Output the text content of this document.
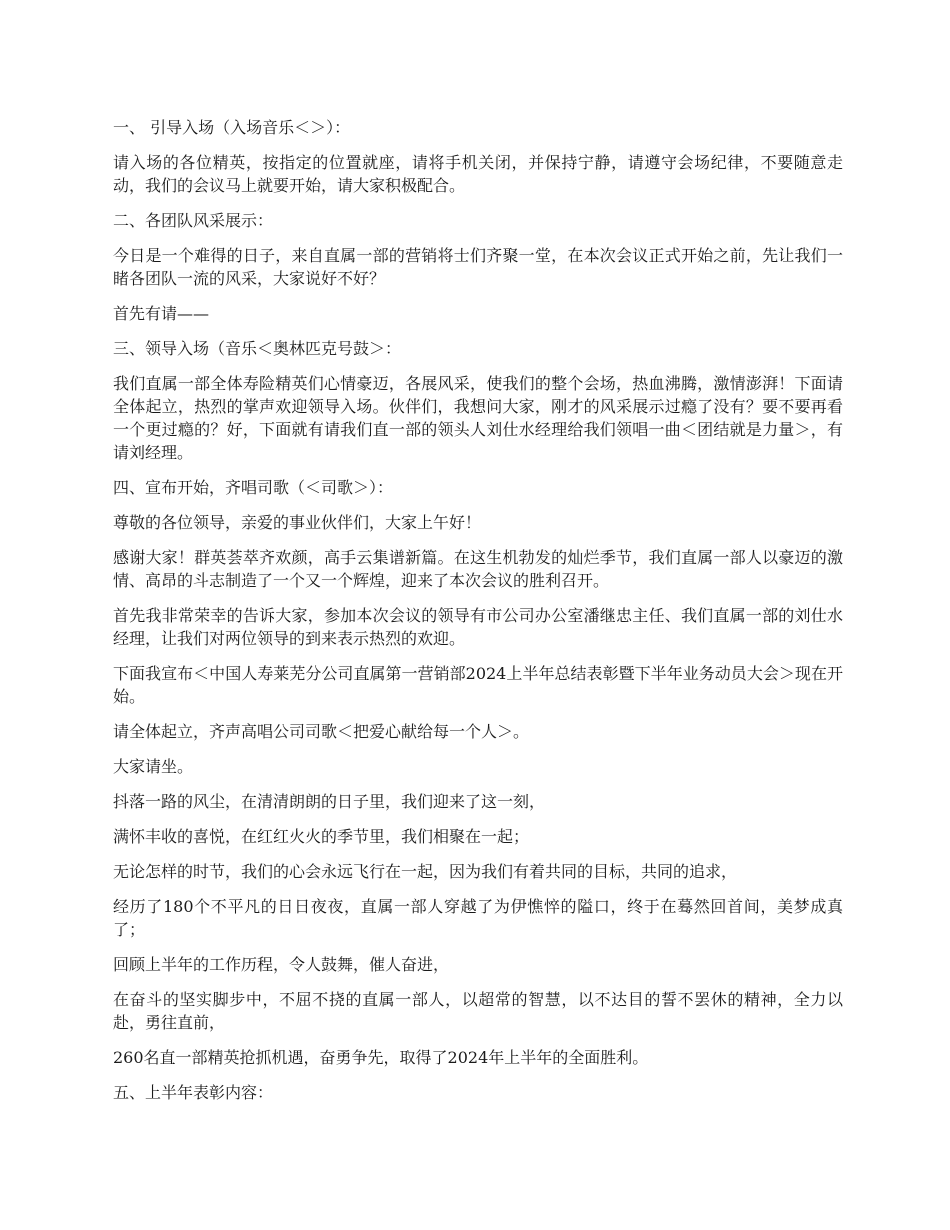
一、 引导入场（入场音乐＜＞）：

请入场的各位精英，按指定的位置就座，请将手机关闭，并保持宁静，请遵守会场纪律，不要随意走动，我们的会议马上就要开始，请大家积极配合。

二、各团队风采展示：

今日是一个难得的日子，来自直属一部的营销将士们齐聚一堂，在本次会议正式开始之前，先让我们一睹各团队一流的风采，大家说好不好？

首先有请——

三、领导入场（音乐＜奥林匹克号鼓＞：

我们直属一部全体寿险精英们心情豪迈，各展风采，使我们的整个会场，热血沸腾，激情澎湃！下面请全体起立，热烈的掌声欢迎领导入场。伙伴们，我想问大家，刚才的风采展示过瘾了没有？要不要再看一个更过瘾的？好，下面就有请我们直一部的领头人刘仕水经理给我们领唱一曲＜团结就是力量＞，有请刘经理。

四、宣布开始，齐唱司歌（＜司歌＞）：

尊敬的各位领导，亲爱的事业伙伴们，大家上午好！

感谢大家！群英荟萃齐欢颜，高手云集谱新篇。在这生机勃发的灿烂季节，我们直属一部人以豪迈的激情、高昂的斗志制造了一个又一个辉煌，迎来了本次会议的胜利召开。

首先我非常荣幸的告诉大家，参加本次会议的领导有市公司办公室潘继忠主任、我们直属一部的刘仕水经理，让我们对两位领导的到来表示热烈的欢迎。

下面我宣布＜中国人寿莱芜分公司直属第一营销部2024上半年总结表彰暨下半年业务动员大会＞现在开始。

请全体起立，齐声高唱公司司歌＜把爱心献给每一个人＞。

大家请坐。

抖落一路的风尘，在清清朗朗的日子里，我们迎来了这一刻，

满怀丰收的喜悦，在红红火火的季节里，我们相聚在一起；

无论怎样的时节，我们的心会永远飞行在一起，因为我们有着共同的目标，共同的追求，

经历了180个不平凡的日日夜夜，直属一部人穿越了为伊憔悴的隘口，终于在蓦然回首间，美梦成真了；

回顾上半年的工作历程，令人鼓舞，催人奋进，

在奋斗的坚实脚步中，不屈不挠的直属一部人，以超常的智慧，以不达目的誓不罢休的精神，全力以赴，勇往直前，

260名直一部精英抢抓机遇，奋勇争先，取得了2024年上半年的全面胜利。

五、上半年表彰内容：
